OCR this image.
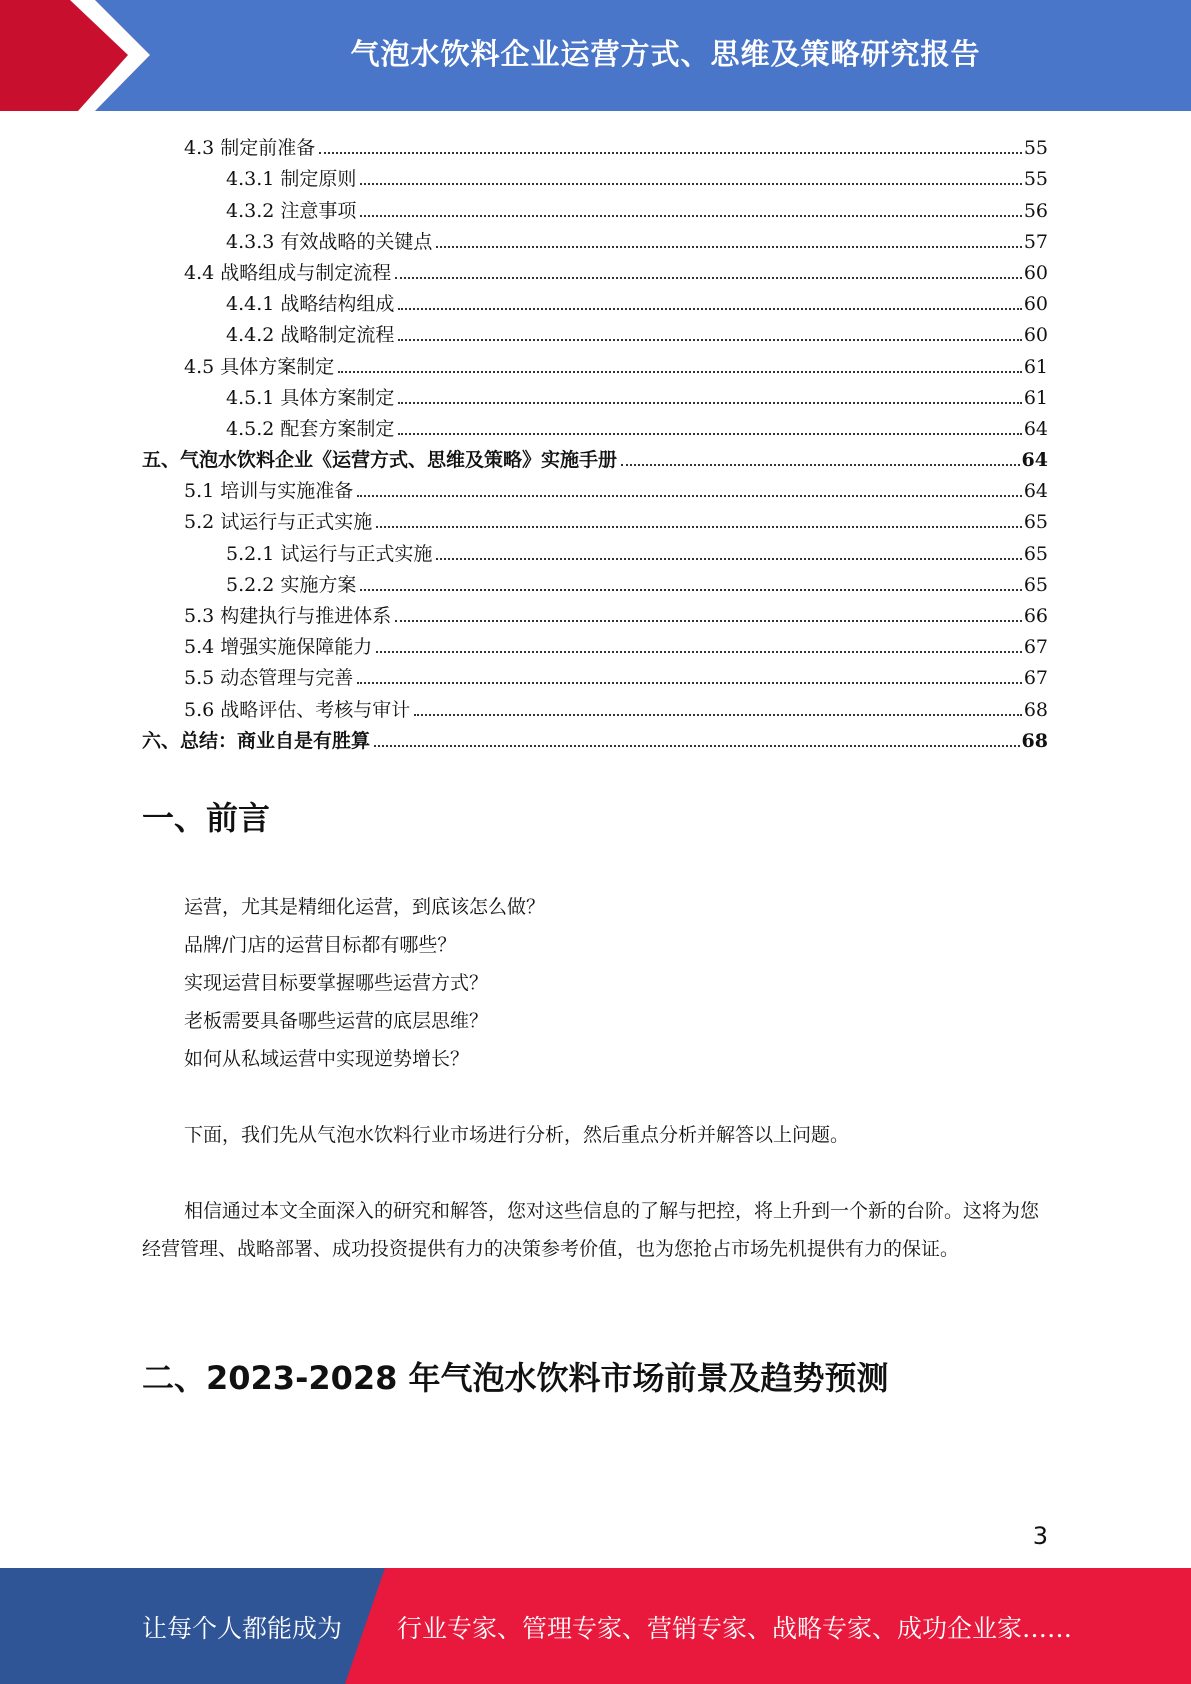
气泡水饮料企业运营方式、思维及策略研究报告
4.3 制定前准备	55
4.3.1 制定原则	55
4.3.2 注意事项	56
4.3.3 有效战略的关键点	57
4.4 战略组成与制定流程	60
4.4.1 战略结构组成	60
4.4.2 战略制定流程	60
4.5 具体方案制定	61
4.5.1 具体方案制定	61
4.5.2 配套方案制定	64
五、气泡水饮料企业《运营方式、思维及策略》实施手册	64
5.1 培训与实施准备	64
5.2 试运行与正式实施	65
5.2.1 试运行与正式实施	65
5.2.2 实施方案	65
5.3 构建执行与推进体系	66
5.4 增强实施保障能力	67
5.5 动态管理与完善	67
5.6 战略评估、考核与审计	68
六、总结：商业自是有胜算	68
一、前言
运营，尤其是精细化运营，到底该怎么做？
品牌/门店的运营目标都有哪些？
实现运营目标要掌握哪些运营方式？
老板需要具备哪些运营的底层思维？
如何从私域运营中实现逆势增长？
下面，我们先从气泡水饮料行业市场进行分析，然后重点分析并解答以上问题。
相信通过本文全面深入的研究和解答，您对这些信息的了解与把控，将上升到一个新的台阶。这将为您经营管理、战略部署、成功投资提供有力的决策参考价值，也为您抢占市场先机提供有力的保证。
二、2023-2028 年气泡水饮料市场前景及趋势预测
3
让每个人都能成为 行业专家、管理专家、营销专家、战略专家、成功企业家……
